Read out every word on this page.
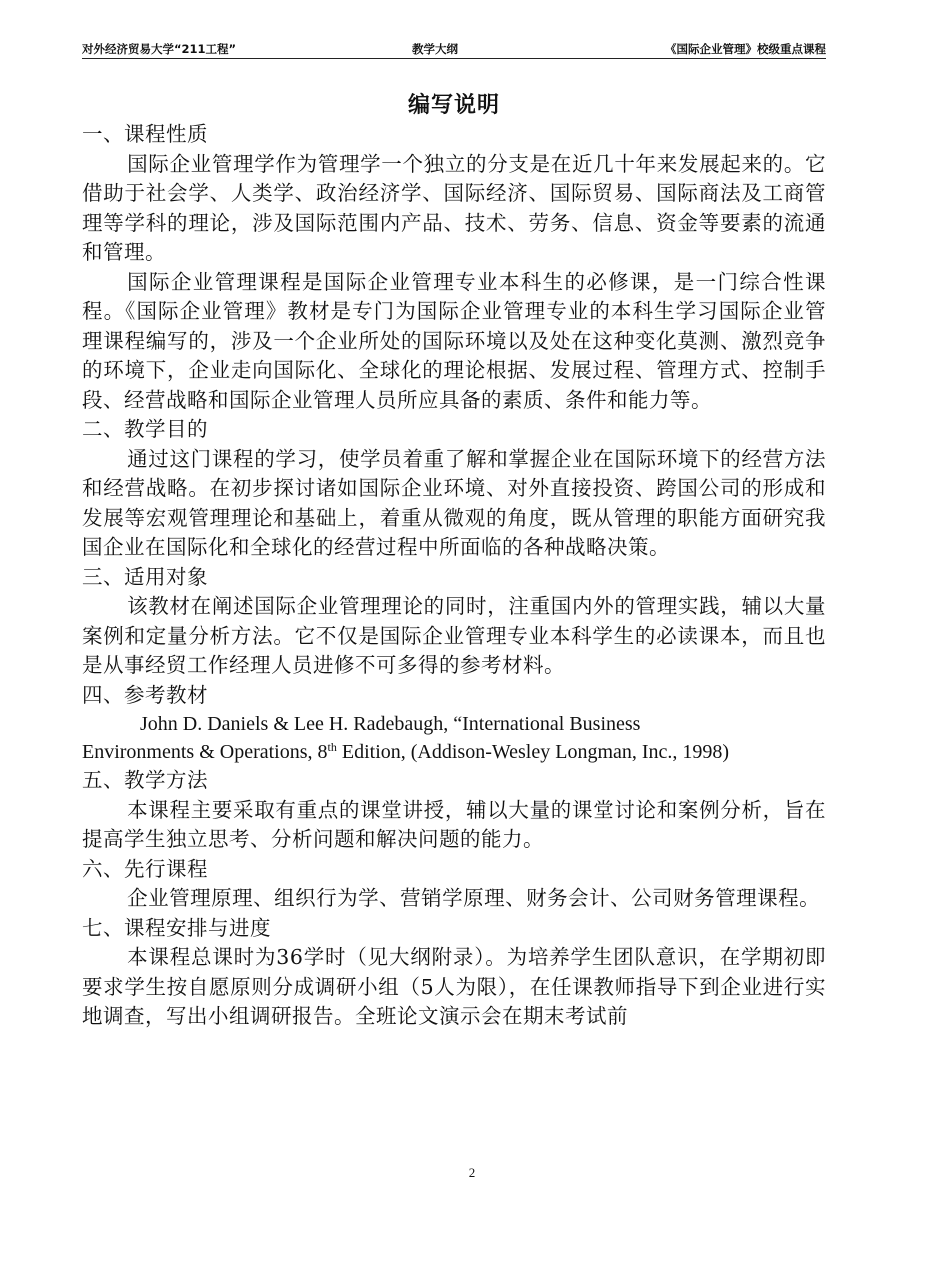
对外经济贸易大学“211工程”	教学大纲	《国际企业管理》校级重点课程
编写说明

一、课程性质

国际企业管理学作为管理学一个独立的分支是在近几十年来发展起来的。它借助于社会学、人类学、政治经济学、国际经济、国际贸易、国际商法及工商管理等学科的理论，涉及国际范围内产品、技术、劳务、信息、资金等要素的流通和管理。

国际企业管理课程是国际企业管理专业本科生的必修课，是一门综合性课程。《国际企业管理》教材是专门为国际企业管理专业的本科生学习国际企业管理课程编写的，涉及一个企业所处的国际环境以及处在这种变化莫测、激烈竞争的环境下，企业走向国际化、全球化的理论根据、发展过程、管理方式、控制手段、经营战略和国际企业管理人员所应具备的素质、条件和能力等。

二、教学目的

通过这门课程的学习，使学员着重了解和掌握企业在国际环境下的经营方法和经营战略。在初步探讨诸如国际企业环境、对外直接投资、跨国公司的形成和发展等宏观管理理论和基础上，着重从微观的角度，既从管理的职能方面研究我国企业在国际化和全球化的经营过程中所面临的各种战略决策。

三、适用对象

该教材在阐述国际企业管理理论的同时，注重国内外的管理实践，辅以大量案例和定量分析方法。它不仅是国际企业管理专业本科学生的必读课本，而且也是从事经贸工作经理人员进修不可多得的参考材料。

四、参考教材

John D. Daniels & Lee H. Radebaugh, “International Business

Environments & Operations, 8th Edition, (Addison-Wesley Longman, Inc., 1998)

五、教学方法

本课程主要采取有重点的课堂讲授，辅以大量的课堂讨论和案例分析，旨在提高学生独立思考、分析问题和解决问题的能力。

六、先行课程

企业管理原理、组织行为学、营销学原理、财务会计、公司财务管理课程。

七、课程安排与进度

本课程总课时为36学时（见大纲附录）。为培养学生团队意识，在学期初即要求学生按自愿原则分成调研小组（5人为限），在任课教师指导下到企业进行实地调查，写出小组调研报告。全班论文演示会在期末考试前

2
